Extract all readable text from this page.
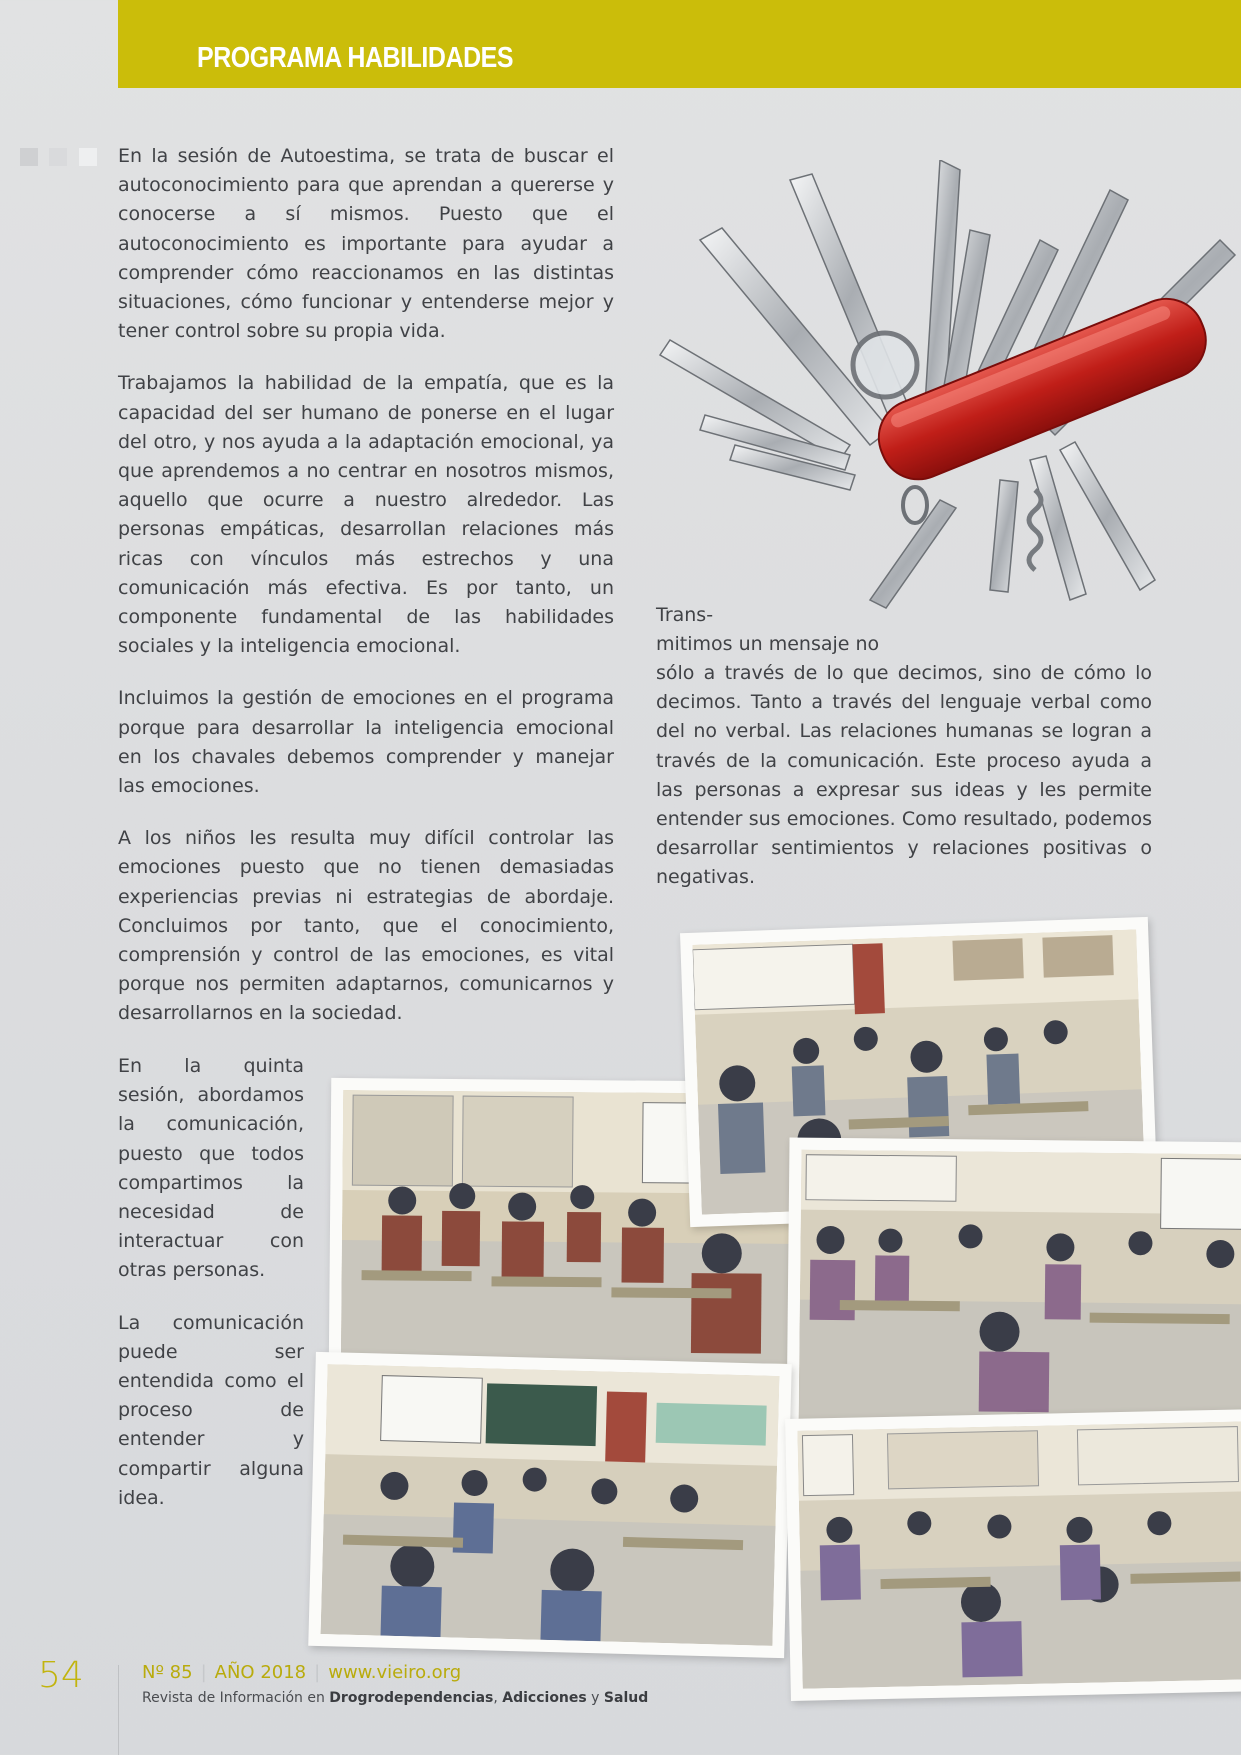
PROGRAMA HABILIDADES

En la sesión de Autoestima, se trata de buscar el autoconocimiento para que aprendan a quererse y conocerse a sí mismos. Puesto que el autoconocimiento es importante para ayudar a comprender cómo reaccionamos en las distintas situaciones, cómo funcionar y entenderse mejor y tener control sobre su propia vida.

Trabajamos la habilidad de la empatía, que es la capacidad del ser humano de ponerse en el lugar del otro, y nos ayuda a la adaptación emocional, ya que aprendemos a no centrar en nosotros mismos, aquello que ocurre a nuestro alrededor. Las personas empáticas, desarrollan relaciones más ricas con vínculos más estrechos y una comunicación más efectiva. Es por tanto, un componente fundamental de las habilidades sociales y la inteligencia emocional.

Incluimos la gestión de emociones en el programa porque para desarrollar la inteligencia emocional en los chavales debemos comprender y manejar las emociones.

A los niños les resulta muy difícil controlar las emociones puesto que no tienen demasiadas experiencias previas ni estrategias de abordaje. Concluimos por tanto, que el conocimiento, comprensión y control de las emociones, es vital porque nos permiten adaptarnos, comunicarnos y desarrollarnos en la sociedad.

En la quinta sesión, abordamos la comunicación, puesto que todos compartimos la necesidad de interactuar con otras personas.

La comunicación puede ser entendida como el proceso de entender y compartir alguna idea.

Trans-
mitimos un mensaje no

sólo a través de lo que decimos, sino de cómo lo decimos. Tanto a través del lenguaje verbal como del no verbal. Las relaciones humanas se logran a través de la comunicación. Este proceso ayuda a las personas a expresar sus ideas y les permite entender sus emociones. Como resultado, podemos desarrollar sentimientos y relaciones positivas o negativas.

54	Nº 85 | AÑO 2018 | www.vieiro.org
Revista de Información en Drogrodependencias, Adicciones y Salud
